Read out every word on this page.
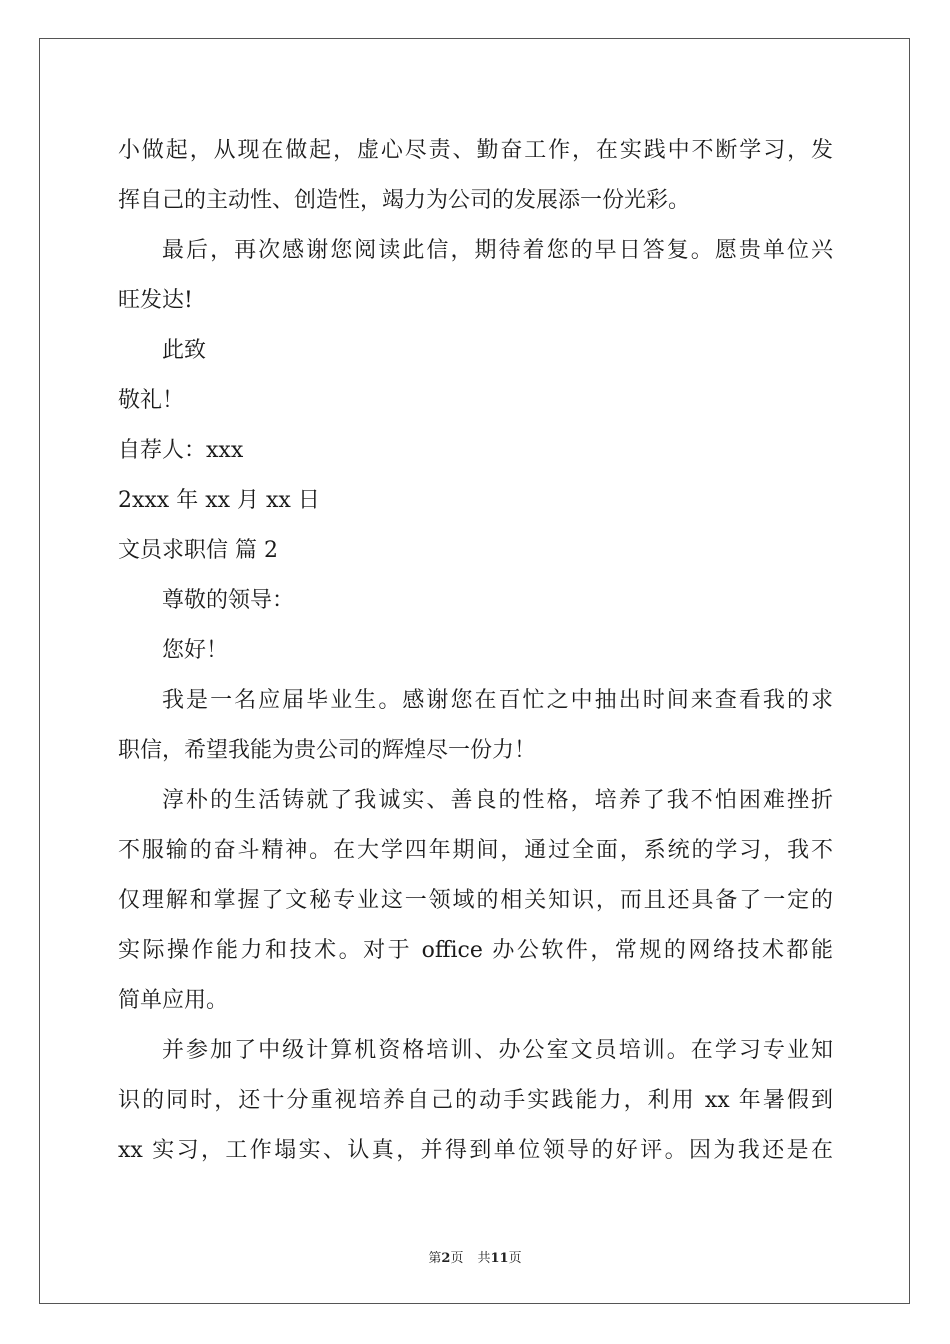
小做起，从现在做起，虚心尽责、勤奋工作，在实践中不断学习，发
挥自己的主动性、创造性，竭力为公司的发展添一份光彩。
最后，再次感谢您阅读此信，期待着您的早日答复。愿贵单位兴
旺发达!
此致
敬礼！
自荐人：xxx
2xxx 年 xx 月 xx 日
文员求职信 篇 2
尊敬的领导：
您好！
我是一名应届毕业生。感谢您在百忙之中抽出时间来查看我的求
职信，希望我能为贵公司的辉煌尽一份力！
淳朴的生活铸就了我诚实、善良的性格，培养了我不怕困难挫折
不服输的奋斗精神。在大学四年期间，通过全面，系统的学习，我不
仅理解和掌握了文秘专业这一领域的相关知识，而且还具备了一定的
实际操作能力和技术。对于 office 办公软件，常规的网络技术都能
简单应用。
并参加了中级计算机资格培训、办公室文员培训。在学习专业知
识的同时，还十分重视培养自己的动手实践能力，利用 xx 年暑假到
xx 实习，工作塌实、认真，并得到单位领导的好评。因为我还是在
第2页 共11页
